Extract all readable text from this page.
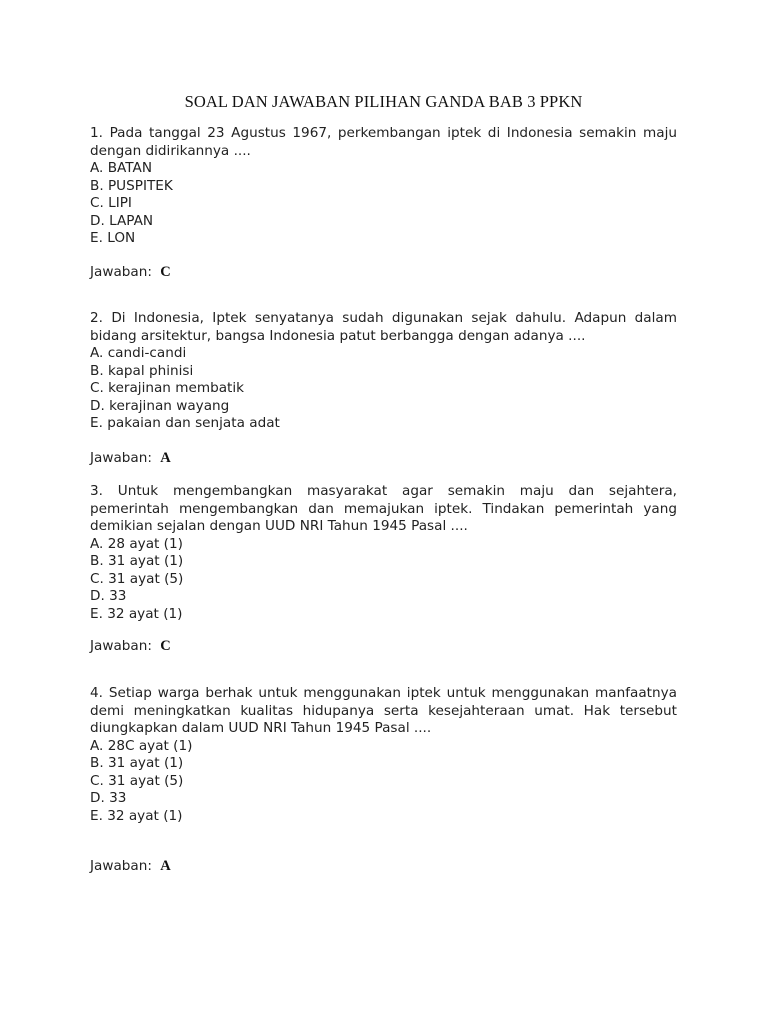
SOAL DAN JAWABAN PILIHAN GANDA BAB 3 PPKN
1. Pada tanggal 23 Agustus 1967, perkembangan iptek di Indonesia semakin maju
dengan didirikannya ....
A. BATAN
B. PUSPITEK
C. LIPI
D. LAPAN
E. LON
Jawaban: C
2. Di Indonesia, Iptek senyatanya sudah digunakan sejak dahulu. Adapun dalam
bidang arsitektur, bangsa Indonesia patut berbangga dengan adanya ....
A. candi-candi
B. kapal phinisi
C. kerajinan membatik
D. kerajinan wayang
E. pakaian dan senjata adat
Jawaban: A
3. Untuk mengembangkan masyarakat agar semakin maju dan sejahtera,
pemerintah mengembangkan dan memajukan iptek. Tindakan pemerintah yang
demikian sejalan dengan UUD NRI Tahun 1945 Pasal ....
A. 28 ayat (1)
B. 31 ayat (1)
C. 31 ayat (5)
D. 33
E. 32 ayat (1)
Jawaban: C
4. Setiap warga berhak untuk menggunakan iptek untuk menggunakan manfaatnya
demi meningkatkan kualitas hidupanya serta kesejahteraan umat. Hak tersebut
diungkapkan dalam UUD NRI Tahun 1945 Pasal ....
A. 28C ayat (1)
B. 31 ayat (1)
C. 31 ayat (5)
D. 33
E. 32 ayat (1)
Jawaban: A
